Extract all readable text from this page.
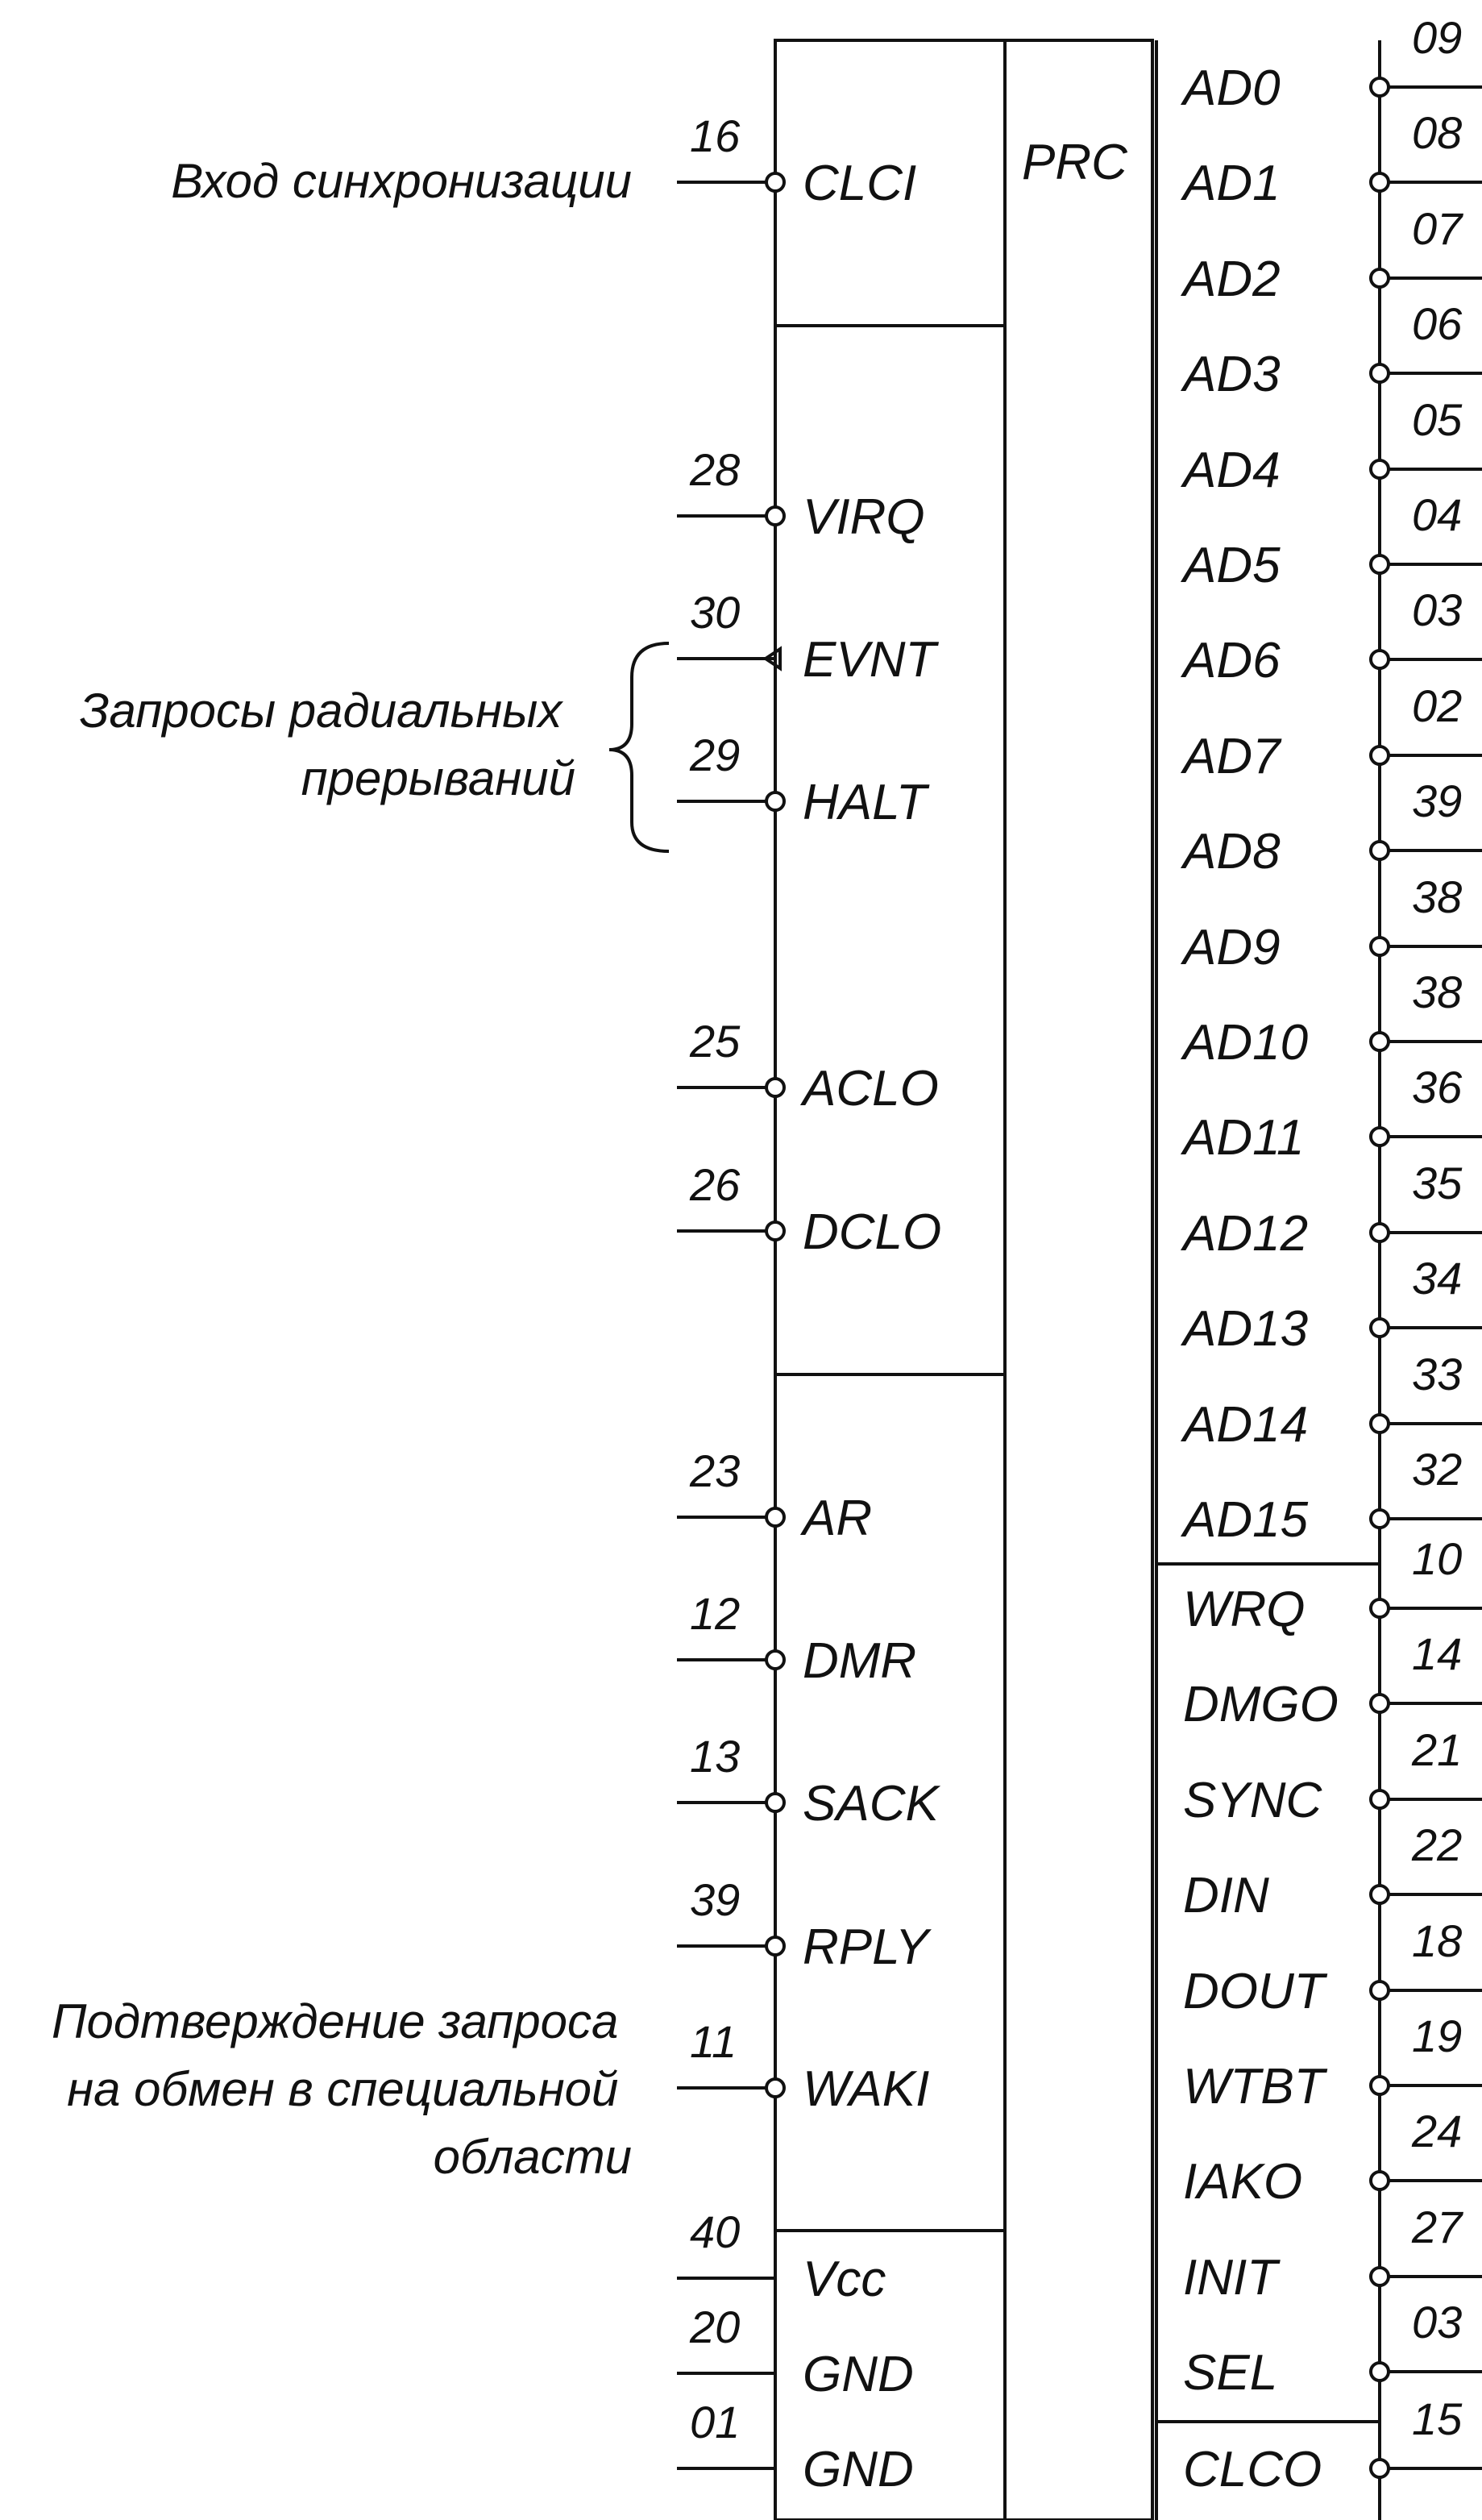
PRC
Вход синхронизации
Запросы радиальных прерываний
Подтверждение запроса на обмен в специальной области
16
CLCI
28
VIRQ
30
EVNT
29
HALT
25
ACLO
26
DCLO
23
AR
12
DMR
13
SACK
39
RPLY
11
WAKI
40
Vcc
20
GND
01
GND
09
AD0
08
AD1
07
AD2
06
AD3
05
AD4
04
AD5
03
AD6
02
AD7
39
AD8
38
AD9
38
AD10
36
AD11
35
AD12
34
AD13
33
AD14
32
AD15
10
WRQ
14
DMGO
21
SYNC
22
DIN
18
DOUT
19
WTBT
24
IAKO
27
INIT
03
SEL
15
CLCO
